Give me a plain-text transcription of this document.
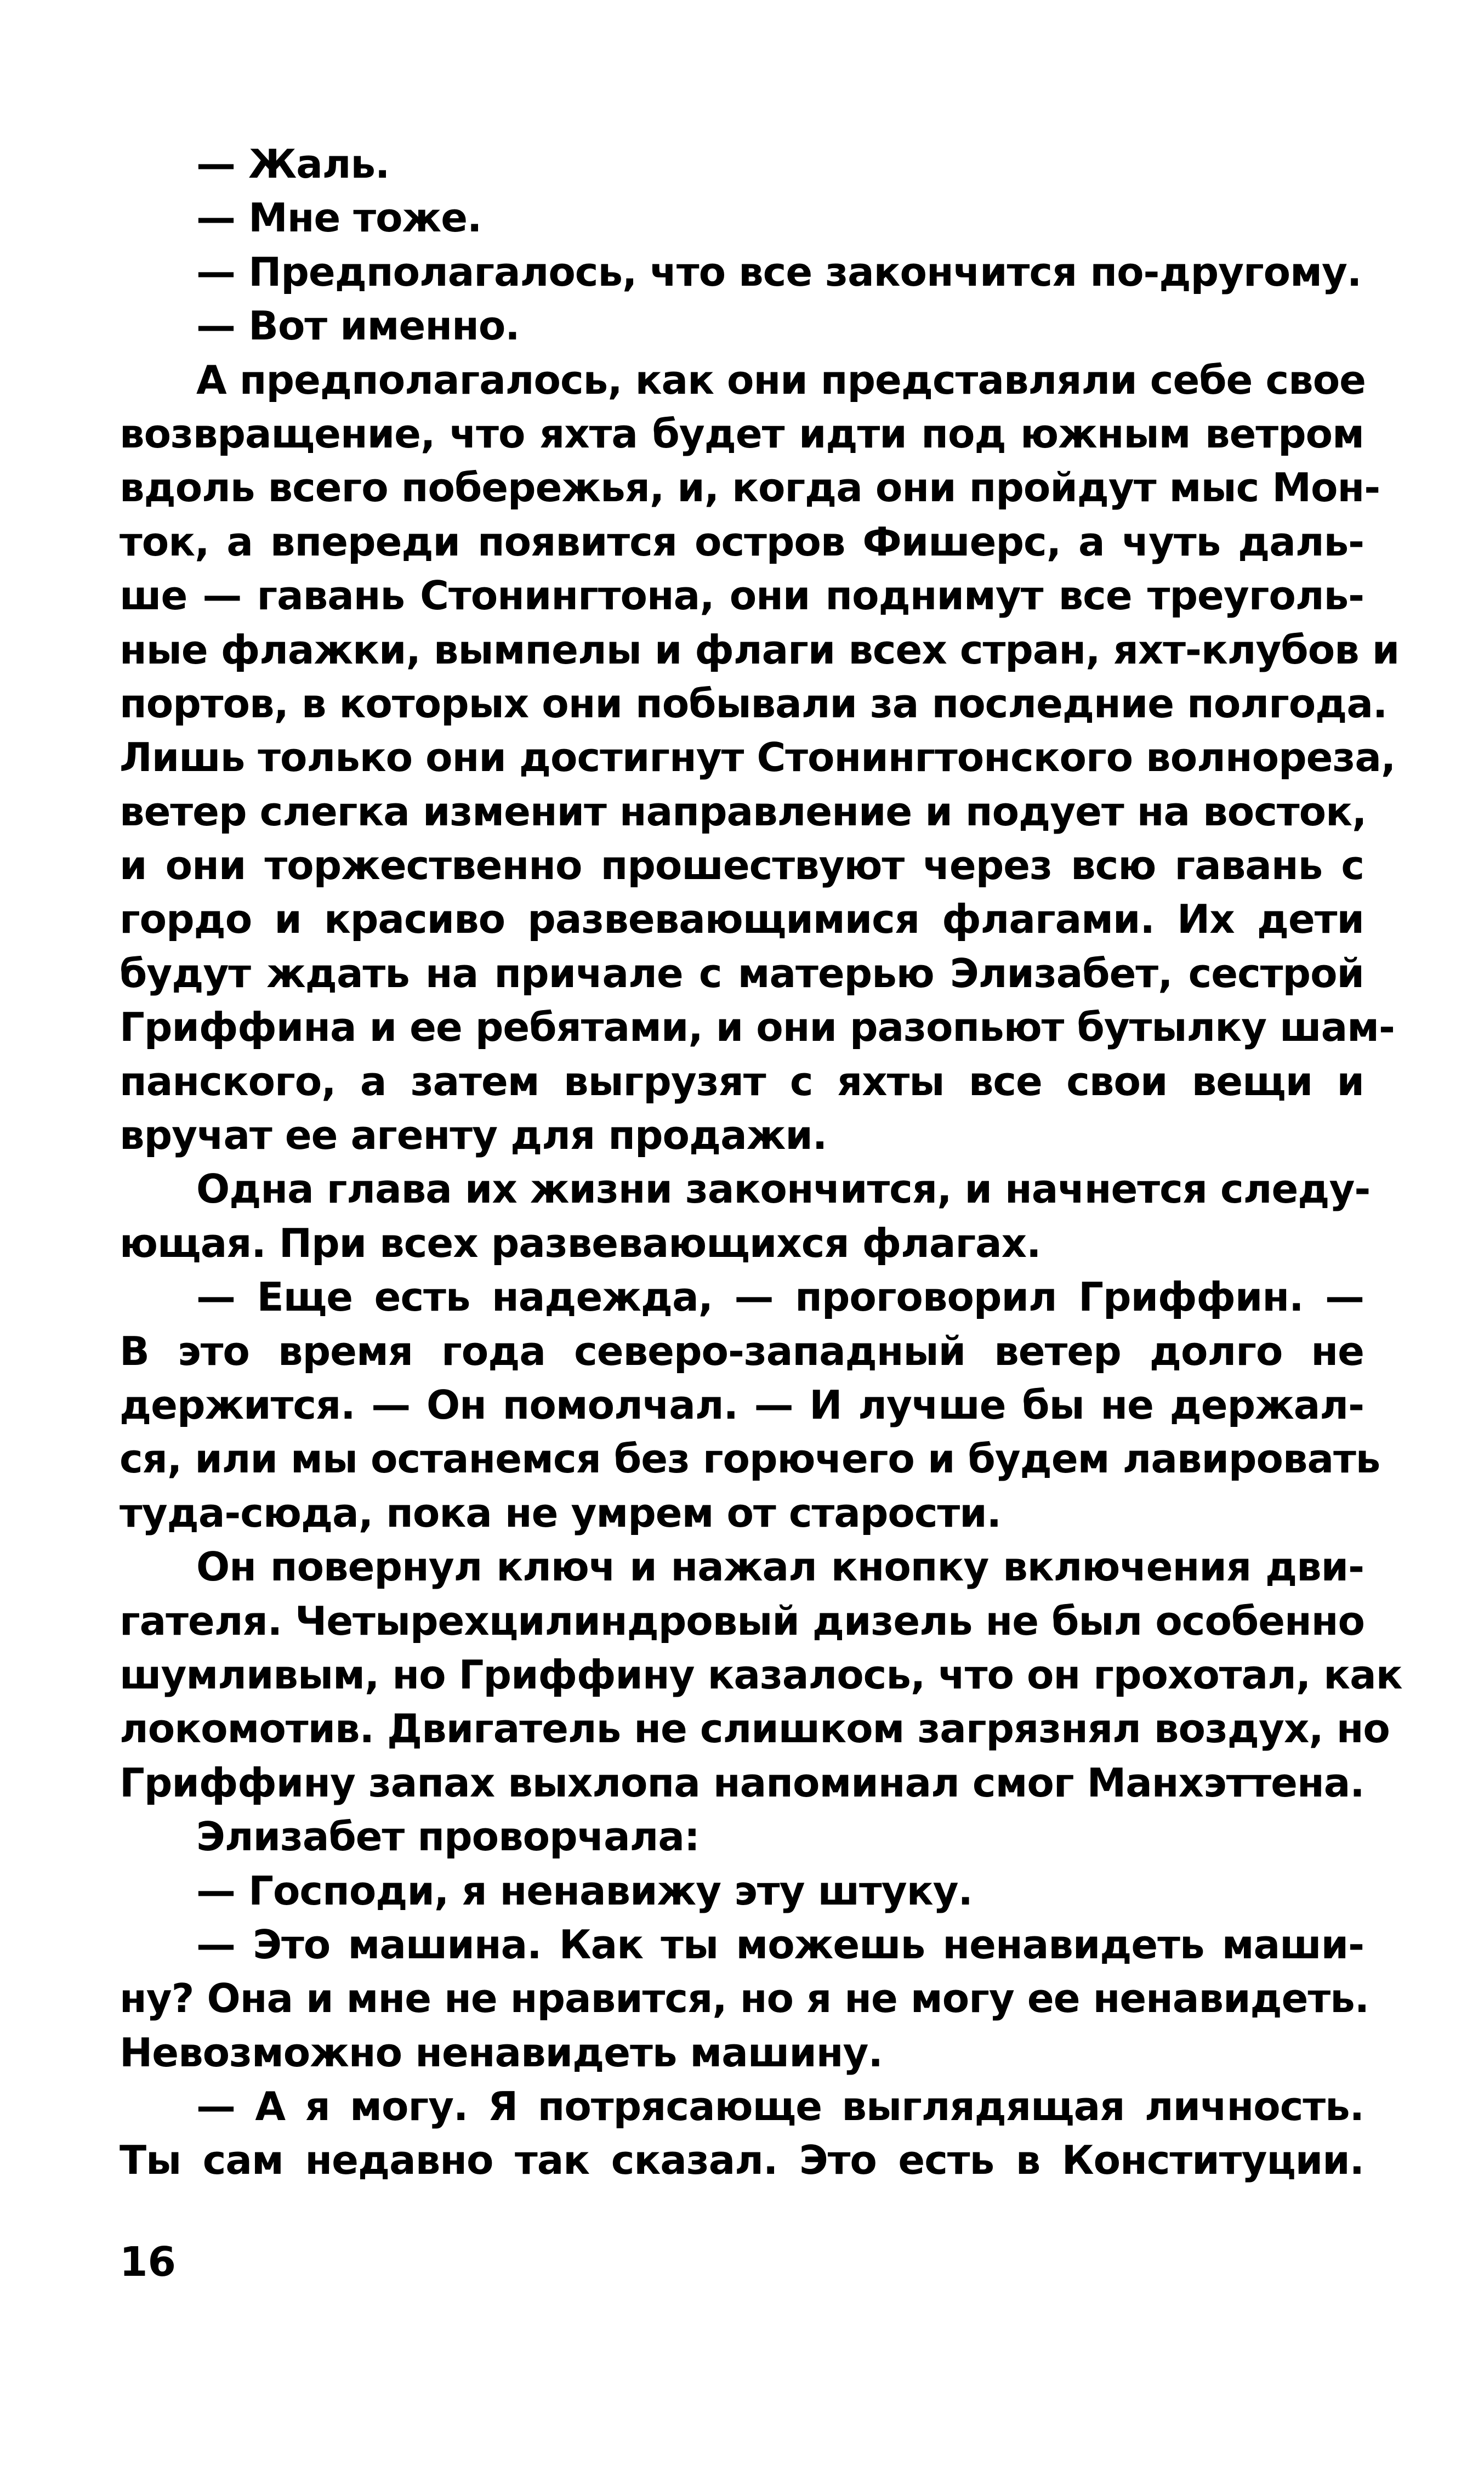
— Жаль.
— Мне тоже.
— Предполагалось, что все закончится по-другому.
— Вот именно.
А предполагалось, как они представляли себе свое
возвращение, что яхта будет идти под южным ветром
вдоль всего побережья, и, когда они пройдут мыс Мон-
ток, а впереди появится остров Фишерс, а чуть даль-
ше — гавань Стонингтона, они поднимут все треуголь-
ные флажки, вымпелы и флаги всех стран, яхт-клубов и
портов, в которых они побывали за последние полгода.
Лишь только они достигнут Стонингтонского волнореза,
ветер слегка изменит направление и подует на восток,
и они торжественно прошествуют через всю гавань с
гордо и красиво развевающимися флагами. Их дети
будут ждать на причале с матерью Элизабет, сестрой
Гриффина и ее ребятами, и они разопьют бутылку шам-
панского, а затем выгрузят с яхты все свои вещи и
вручат ее агенту для продажи.
Одна глава их жизни закончится, и начнется следу-
ющая. При всех развевающихся флагах.
— Еще есть надежда, — проговорил Гриффин. —
В это время года северо-западный ветер долго не
держится. — Он помолчал. — И лучше бы не держал-
ся, или мы останемся без горючего и будем лавировать
туда-сюда, пока не умрем от старости.
Он повернул ключ и нажал кнопку включения дви-
гателя. Четырехцилиндровый дизель не был особенно
шумливым, но Гриффину казалось, что он грохотал, как
локомотив. Двигатель не слишком загрязнял воздух, но
Гриффину запах выхлопа напоминал смог Манхэттена.
Элизабет проворчала:
— Господи, я ненавижу эту штуку.
— Это машина. Как ты можешь ненавидеть маши-
ну? Она и мне не нравится, но я не могу ее ненавидеть.
Невозможно ненавидеть машину.
— А я могу. Я потрясающе выглядящая личность.
Ты сам недавно так сказал. Это есть в Конституции.
16
